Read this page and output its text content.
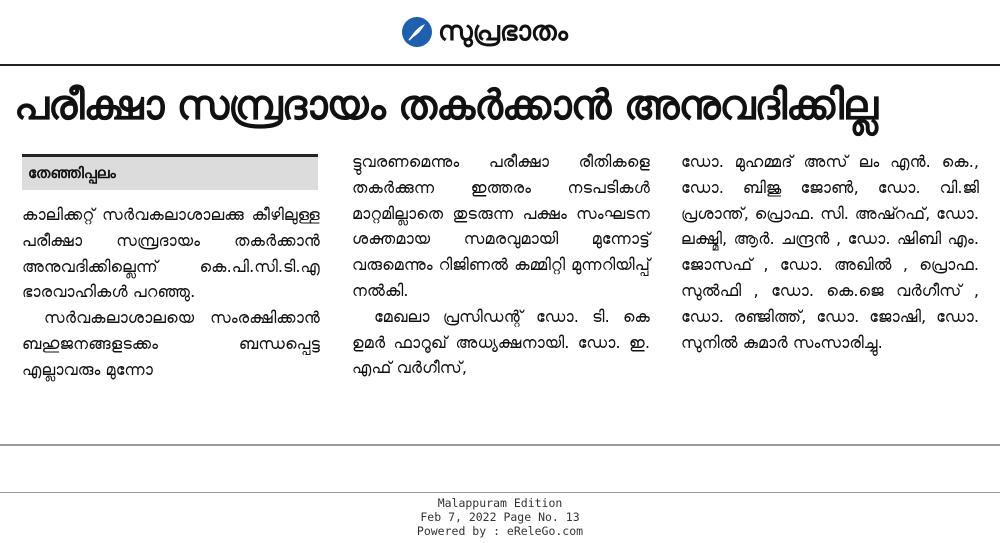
സുപ്രഭാതം
പരീക്ഷാ സമ്പ്രദായം തകർക്കാൻ അനുവദിക്കില്ല
തേഞ്ഞിപ്പലം

കാലിക്കറ്റ് സർവകലാശാലക്കു കീഴിലുള്ള പരീക്ഷാ സമ്പ്രദായം തകർക്കാൻ അനുവദിക്കില്ലെന്ന് കെ.പി.സി.ടി.എ ഭാരവാഹികൾ പറഞ്ഞു.

സർവകലാശാലയെ സംരക്ഷിക്കാൻ ബഹുജനങ്ങളടക്കം ബന്ധപ്പെട്ട എല്ലാവരും മുന്നോ

ട്ടുവരണമെന്നും പരീക്ഷാ രീതികളെ തകർക്കുന്ന ഇത്തരം നടപടികൾ മാറ്റമില്ലാതെ തുടരുന്ന പക്ഷം സംഘടന ശക്തമായ സമരവുമായി മുന്നോട്ട് വരുമെന്നും റിജിണൽ കമ്മിറ്റി മുന്നറിയിപ്പ് നൽകി.

മേഖലാ പ്രസിഡന്റ് ഡോ. ടി. കെ ഉമർ ഫാറൂഖ് അധ്യക്ഷനായി. ഡോ. ഇ. എഫ് വർഗീസ്,

ഡോ. മുഹമ്മദ് അസ് ലം എൻ. കെ., ഡോ. ബിജു ജോൺ, ഡോ. വി.ജി പ്രശാന്ത്, പ്രൊഫ. സി. അഷ്റഫ്, ഡോ. ലക്ഷ്മി, ആർ. ചന്ദ്രൻ , ഡോ. ഷിബി എം. ജോസഫ് , ഡോ. അഖിൽ , പ്രൊഫ. സുൽഫി , ഡോ. കെ.ജെ വർഗീസ് , ഡോ. രഞ്ജിത്ത്, ഡോ. ജോഷി, ഡോ. സുനിൽ കുമാർ സംസാരിച്ചു.

Malappuram Edition
Feb 7, 2022 Page No. 13
Powered by : eReleGo.com
